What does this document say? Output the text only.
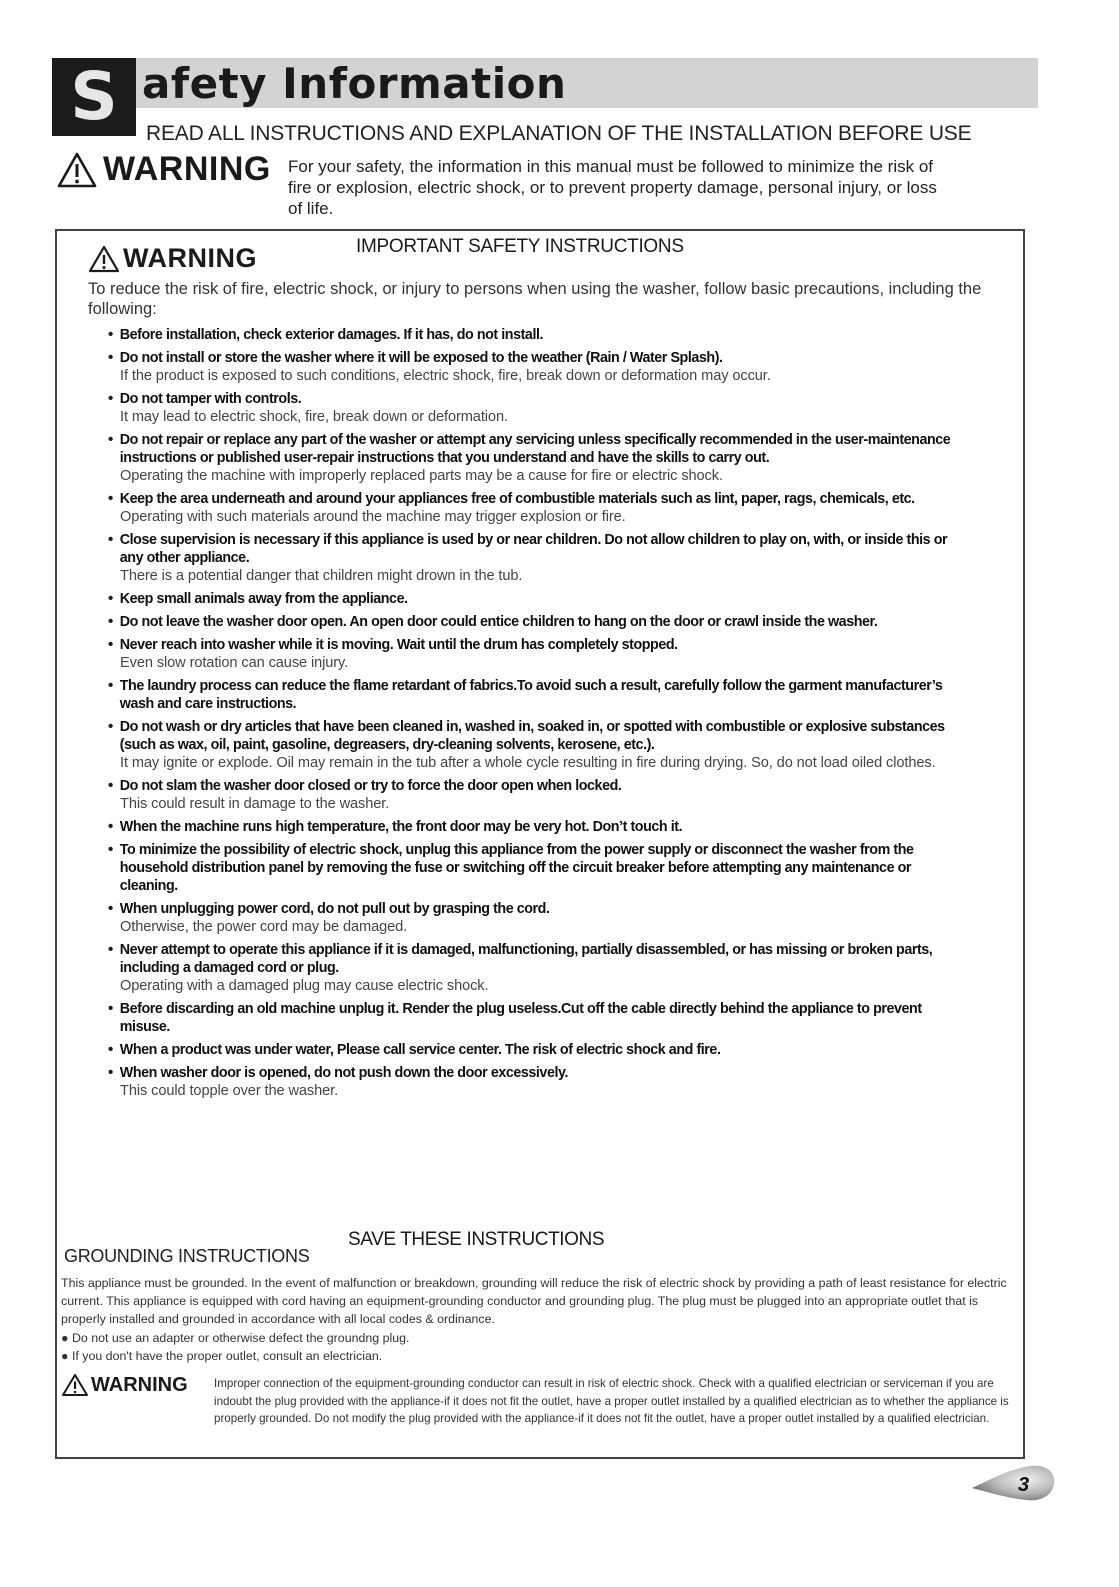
S afety Information
READ ALL INSTRUCTIONS AND EXPLANATION OF THE INSTALLATION BEFORE USE
WARNING For your safety, the information in this manual must be followed to minimize the risk of fire or explosion, electric shock, or to prevent property damage, personal injury, or loss of life.
WARNING	IMPORTANT SAFETY INSTRUCTIONS
To reduce the risk of fire, electric shock, or injury to persons when using the washer, follow basic precautions, including the following:
• Before installation, check exterior damages. If it has, do not install.
• Do not install or store the washer where it will be exposed to the weather (Rain / Water Splash).
If the product is exposed to such conditions, electric shock, fire, break down or deformation may occur.
• Do not tamper with controls.
It may lead to electric shock, fire, break down or deformation.
• Do not repair or replace any part of the washer or attempt any servicing unless specifically recommended in the user-maintenance instructions or published user-repair instructions that you understand and have the skills to carry out.
Operating the machine with improperly replaced parts may be a cause for fire or electric shock.
• Keep the area underneath and around your appliances free of combustible materials such as lint, paper, rags, chemicals, etc.
Operating with such materials around the machine may trigger explosion or fire.
• Close supervision is necessary if this appliance is used by or near children. Do not allow children to play on, with, or inside this or any other appliance.
There is a potential danger that children might drown in the tub.
• Keep small animals away from the appliance.
• Do not leave the washer door open. An open door could entice children to hang on the door or crawl inside the washer.
• Never reach into washer while it is moving. Wait until the drum has completely stopped.
Even slow rotation can cause injury.
• The laundry process can reduce the flame retardant of fabrics.To avoid such a result, carefully follow the garment manufacturer’s wash and care instructions.
• Do not wash or dry articles that have been cleaned in, washed in, soaked in, or spotted with combustible or explosive substances (such as wax, oil, paint, gasoline, degreasers, dry-cleaning solvents, kerosene, etc.).
It may ignite or explode. Oil may remain in the tub after a whole cycle resulting in fire during drying. So, do not load oiled clothes.
• Do not slam the washer door closed or try to force the door open when locked.
This could result in damage to the washer.
• When the machine runs high temperature, the front door may be very hot. Don’t touch it.
• To minimize the possibility of electric shock, unplug this appliance from the power supply or disconnect the washer from the household distribution panel by removing the fuse or switching off the circuit breaker before attempting any maintenance or cleaning.
• When unplugging power cord, do not pull out by grasping the cord.
Otherwise, the power cord may be damaged.
• Never attempt to operate this appliance if it is damaged, malfunctioning, partially disassembled, or has missing or broken parts, including a damaged cord or plug.
Operating with a damaged plug may cause electric shock.
• Before discarding an old machine unplug it. Render the plug useless.Cut off the cable directly behind the appliance to prevent misuse.
• When a product was under water, Please call service center. The risk of electric shock and fire.
• When washer door is opened, do not push down the door excessively.
This could topple over the washer.
SAVE THESE INSTRUCTIONS
GROUNDING INSTRUCTIONS
This appliance must be grounded. In the event of malfunction or breakdown, grounding will reduce the risk of electric shock by providing a path of least resistance for electric current. This appliance is equipped with cord having an equipment-grounding conductor and grounding plug. The plug must be plugged into an appropriate outlet that is properly installed and grounded in accordance with all local codes & ordinance.
● Do not use an adapter or otherwise defect the groundng plug.
● If you don't have the proper outlet, consult an electrician.
WARNING Improper connection of the equipment-grounding conductor can result in risk of electric shock. Check with a qualified electrician or serviceman if you are indoubt the plug provided with the appliance-if it does not fit the outlet, have a proper outlet installed by a qualified electrician as to whether the appliance is properly grounded. Do not modify the plug provided with the appliance-if it does not fit the outlet, have a proper outlet installed by a qualified electrician.
3
